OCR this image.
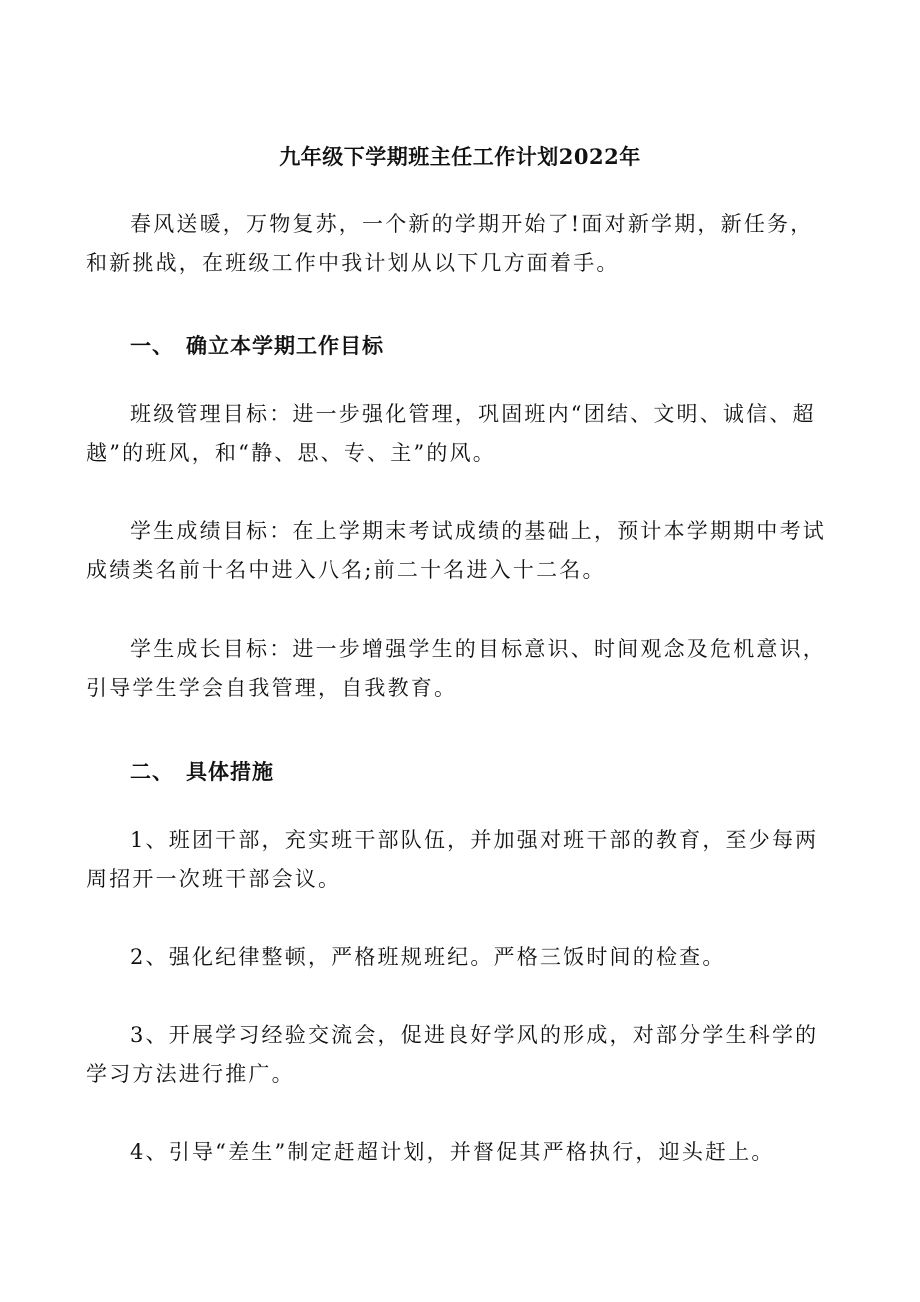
九年级下学期班主任工作计划2022年

春风送暖，万物复苏，一个新的学期开始了!面对新学期，新任务，和新挑战，在班级工作中我计划从以下几方面着手。

一、 确立本学期工作目标

班级管理目标：进一步强化管理，巩固班内“团结、文明、诚信、超越”的班风，和“静、思、专、主”的风。

学生成绩目标：在上学期末考试成绩的基础上，预计本学期期中考试成绩类名前十名中进入八名;前二十名进入十二名。

学生成长目标：进一步增强学生的目标意识、时间观念及危机意识，引导学生学会自我管理，自我教育。

二、 具体措施

1、班团干部，充实班干部队伍，并加强对班干部的教育，至少每两周招开一次班干部会议。

2、强化纪律整顿，严格班规班纪。严格三饭时间的检查。

3、开展学习经验交流会，促进良好学风的形成，对部分学生科学的学习方法进行推广。

4、引导“差生”制定赶超计划，并督促其严格执行，迎头赶上。
